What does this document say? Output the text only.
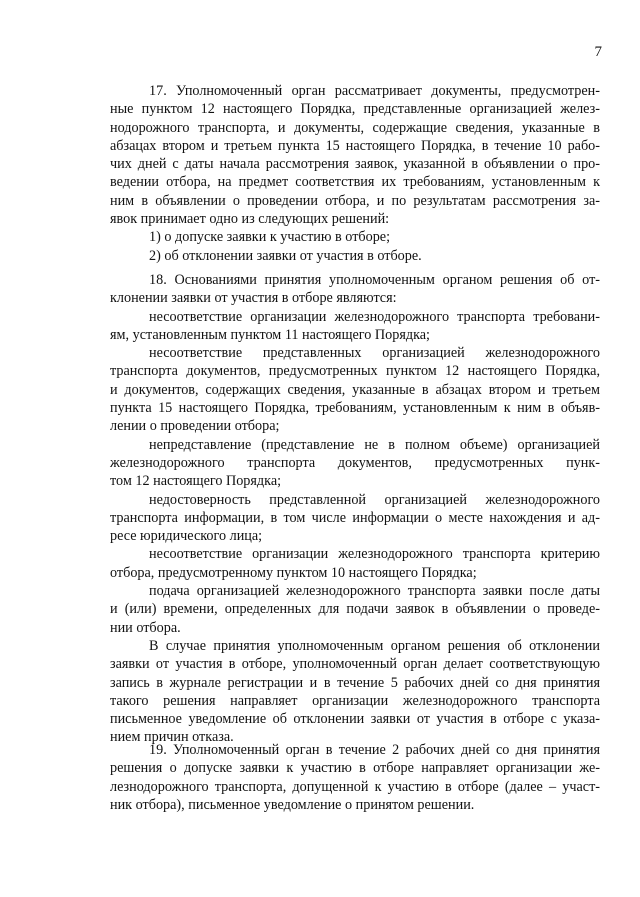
7

17. Уполномоченный орган рассматривает документы, предусмотрен-

ные пунктом 12 настоящего Порядка, представленные организацией желез-

нодорожного транспорта, и документы, содержащие сведения, указанные в

абзацах втором и третьем пункта 15 настоящего Порядка, в течение 10 рабо-

чих дней с даты начала рассмотрения заявок, указанной в объявлении о про-

ведении отбора, на предмет соответствия их требованиям, установленным к

ним в объявлении о проведении отбора, и по результатам рассмотрения за-

явок принимает одно из следующих решений:

1) о допуске заявки к участию в отборе;

2) об отклонении заявки от участия в отборе.

18. Основаниями принятия уполномоченным органом решения об от-

клонении заявки от участия в отборе являются:

несоответствие организации железнодорожного транспорта требовани-

ям, установленным пунктом 11 настоящего Порядка;

несоответствие представленных организацией железнодорожного

транспорта документов, предусмотренных пунктом 12 настоящего Порядка,

и документов, содержащих сведения, указанные в абзацах втором и третьем

пункта 15 настоящего Порядка, требованиям, установленным к ним в объяв-

лении о проведении отбора;

непредставление (представление не в полном объеме) организацией

железнодорожного транспорта документов, предусмотренных пунк-

том 12 настоящего Порядка;

недостоверность представленной организацией железнодорожного

транспорта информации, в том числе информации о месте нахождения и ад-

ресе юридического лица;

несоответствие организации железнодорожного транспорта критерию

отбора, предусмотренному пунктом 10 настоящего Порядка;

подача организацией железнодорожного транспорта заявки после даты

и (или) времени, определенных для подачи заявок в объявлении о проведе-

нии отбора.

В случае принятия уполномоченным органом решения об отклонении

заявки от участия в отборе, уполномоченный орган делает соответствующую

запись в журнале регистрации и в течение 5 рабочих дней со дня принятия

такого решения направляет организации железнодорожного транспорта

письменное уведомление об отклонении заявки от участия в отборе с указа-

нием причин отказа.

19. Уполномоченный орган в течение 2 рабочих дней со дня принятия

решения о допуске заявки к участию в отборе направляет организации же-

лезнодорожного транспорта, допущенной к участию в отборе (далее – участ-

ник отбора), письменное уведомление о принятом решении.
